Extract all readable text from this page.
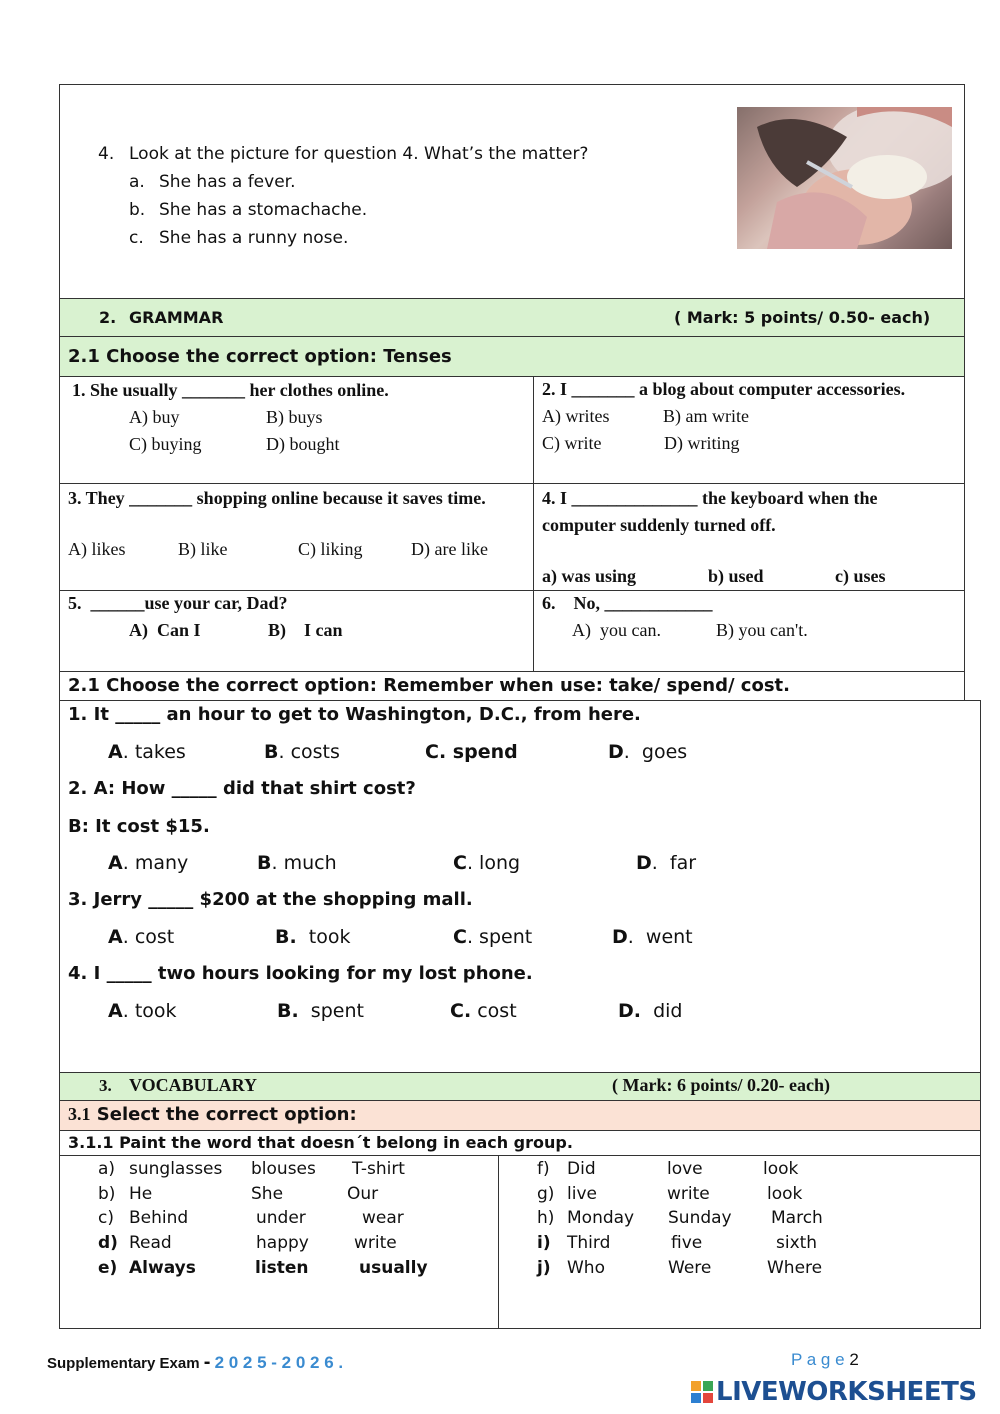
4. Look at the picture for question 4. What’s the matter?
a. She has a fever.
b. She has a stomachache.
c. She has a runny nose.
2. GRAMMAR	( Mark: 5 points/ 0.50- each)
2.1 Choose the correct option: Tenses
1. She usually _______ her clothes online.
A) buy	B) buys
C) buying	D) bought
2. I _______ a blog about computer accessories.
A) writes	B) am write
C) write	D) writing
3. They _______ shopping online because it saves time.
A) likes	B) like	C) liking	D) are like
4. I ______________ the keyboard when the computer suddenly turned off.
a) was using	b) used	c) uses
5.  ______use your car, Dad?
A)  Can I	B)    I can
6.    No, ____________
A)  you can.	B) you can't.
2.1 Choose the correct option: Remember when use: take/ spend/ cost.
1. It _____ an hour to get to Washington, D.C., from here.
A. takes	B. costs	C. spend	D.  goes
2. A: How _____ did that shirt cost?
B: It cost $15.
A. many	B. much	C. long	D.  far
3. Jerry _____ $200 at the shopping mall.
A. cost	B. took	C. spent	D.  went
4. I _____ two hours looking for my lost phone.
A. took	B. spent	C. cost	D. did
3. VOCABULARY	( Mark: 6 points/ 0.20- each)
3.1 Select the correct option:
3.1.1 Paint the word that doesn´t belong in each group.
a) sunglasses blouses T-shirt
b) He	She	Our
c) Behind	under	wear
d) Read	happy	write
e) Always	listen	usually
f) Did	love	look
g) live	write	look
h) Monday Sunday March
i) Third	five	sixth
j) Who	Were	Where
Supplementary Exam - 2 0 2 5 - 2 0 2 6 .	P a g e 2
LIVEWORKSHEETS
